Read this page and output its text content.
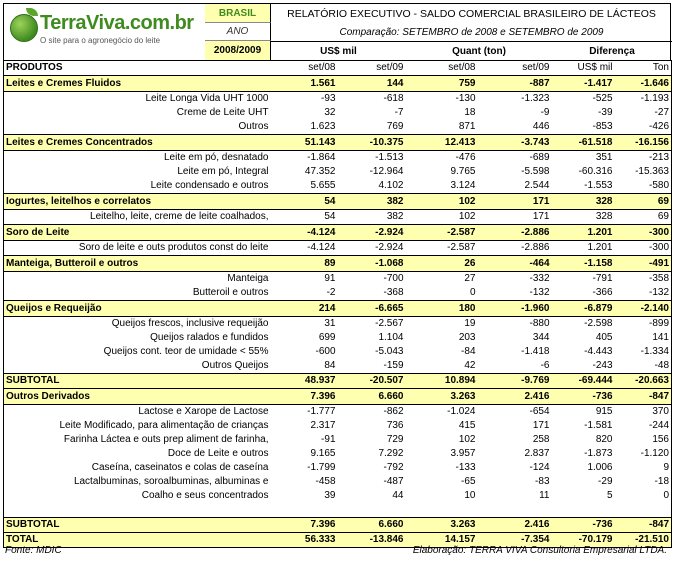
TerraViva.com.br
O site para o agronegócio do leite
BRASIL
ANO
2008/2009
RELATÓRIO EXECUTIVO - SALDO COMERCIAL BRASILEIRO DE LÁCTEOS
Comparação: SETEMBRO de 2008 e SETEMBRO de 2009
US$ mil	Quant (ton)	Diferença
PRODUTOS	set/08	set/09	set/08	set/09	US$ mil	Ton
Leites e Cremes Fluidos	1.561	144	759	-887	-1.417	-1.646
Leite Longa Vida UHT 1000	-93	-618	-130	-1.323	-525	-1.193
Creme de Leite UHT	32	-7	18	-9	-39	-27
Outros	1.623	769	871	446	-853	-426
Leites e Cremes Concentrados	51.143	-10.375	12.413	-3.743	-61.518	-16.156
Leite em pó, desnatado	-1.864	-1.513	-476	-689	351	-213
Leite em pó, Integral	47.352	-12.964	9.765	-5.598	-60.316	-15.363
Leite condensado e outros	5.655	4.102	3.124	2.544	-1.553	-580
Iogurtes, leitelhos e correlatos	54	382	102	171	328	69
Leitelho, leite, creme de leite coalhados,	54	382	102	171	328	69
Soro de Leite	-4.124	-2.924	-2.587	-2.886	1.201	-300
Soro de leite e outs produtos const do leite	-4.124	-2.924	-2.587	-2.886	1.201	-300
Manteiga, Butteroil e outros	89	-1.068	26	-464	-1.158	-491
Manteiga	91	-700	27	-332	-791	-358
Butteroil e outros	-2	-368	0	-132	-366	-132
Queijos e Requeijão	214	-6.665	180	-1.960	-6.879	-2.140
Queijos frescos, inclusive requeijão	31	-2.567	19	-880	-2.598	-899
Queijos ralados e fundidos	699	1.104	203	344	405	141
Queijos cont. teor de umidade < 55%	-600	-5.043	-84	-1.418	-4.443	-1.334
Outros Queijos	84	-159	42	-6	-243	-48
SUBTOTAL	48.937	-20.507	10.894	-9.769	-69.444	-20.663
Outros Derivados	7.396	6.660	3.263	2.416	-736	-847
Lactose e Xarope de Lactose	-1.777	-862	-1.024	-654	915	370
Leite Modificado, para alimentação de crianças	2.317	736	415	171	-1.581	-244
Farinha Láctea e outs prep aliment de farinha,	-91	729	102	258	820	156
Doce de Leite e outros	9.165	7.292	3.957	2.837	-1.873	-1.120
Caseína, caseinatos e colas de caseína	-1.799	-792	-133	-124	1.006	9
Lactalbuminas, soroalbuminas, albuminas e	-458	-487	-65	-83	-29	-18
Coalho e seus concentrados	39	44	10	11	5	0

SUBTOTAL	7.396	6.660	3.263	2.416	-736	-847
TOTAL	56.333	-13.846	14.157	-7.354	-70.179	-21.510
Fonte: MDIC	Elaboração: TERRA VIVA Consultoria Empresarial LTDA.
